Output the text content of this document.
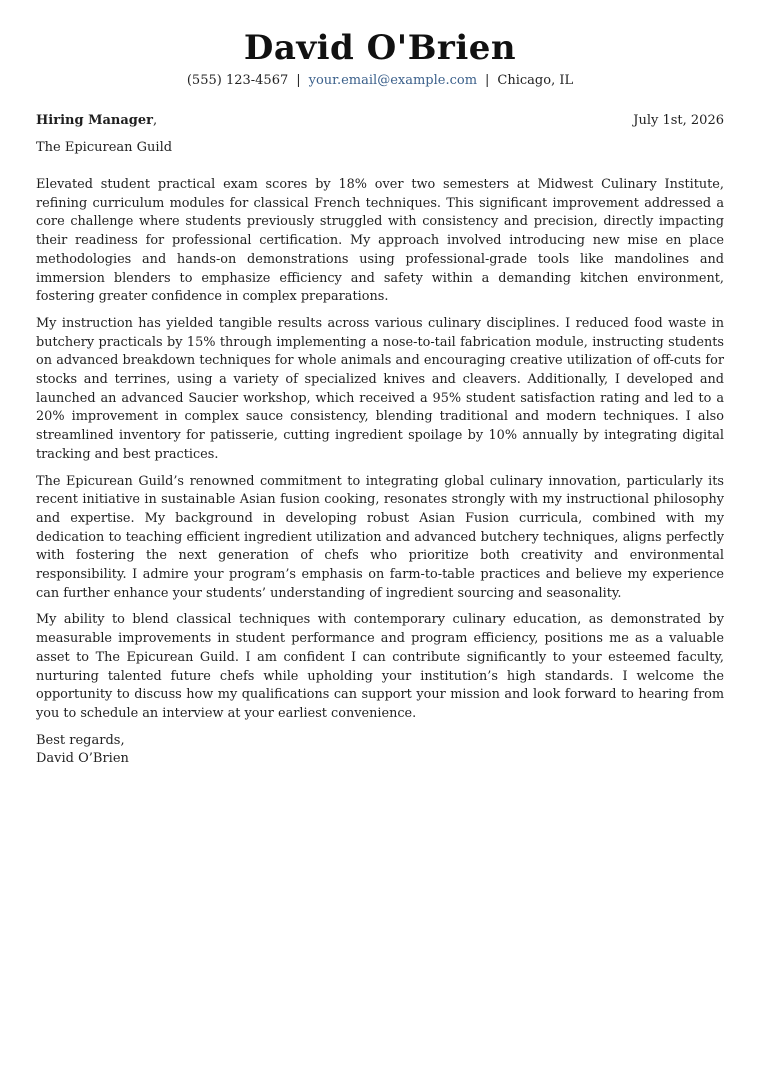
David O'Brien
(555) 123-4567 | your.email@example.com | Chicago, IL
Hiring Manager,	July 1st, 2026
The Epicurean Guild

Elevated student practical exam scores by 18% over two semesters at Midwest Culinary Institute, refining curriculum modules for classical French techniques. This significant improvement addressed a core challenge where students previously struggled with consistency and precision, directly impacting their readiness for professional certification. My approach involved introducing new mise en place methodologies and hands-on demonstrations using professional-grade tools like mandolines and immersion blenders to emphasize efficiency and safety within a demanding kitchen environment, fostering greater confidence in complex preparations.

My instruction has yielded tangible results across various culinary disciplines. I reduced food waste in butchery practicals by 15% through implementing a nose-to-tail fabrication module, instructing students on advanced breakdown techniques for whole animals and encouraging creative utilization of off-cuts for stocks and terrines, using a variety of specialized knives and cleavers. Additionally, I developed and launched an advanced Saucier workshop, which received a 95% student satisfaction rating and led to a 20% improvement in complex sauce consistency, blending traditional and modern techniques. I also streamlined inventory for patisserie, cutting ingredient spoilage by 10% annually by integrating digital tracking and best practices.

The Epicurean Guild’s renowned commitment to integrating global culinary innovation, particularly its recent initiative in sustainable Asian fusion cooking, resonates strongly with my instructional philosophy and expertise. My background in developing robust Asian Fusion curricula, combined with my dedication to teaching efficient ingredient utilization and advanced butchery techniques, aligns perfectly with fostering the next generation of chefs who prioritize both creativity and environmental responsibility. I admire your program’s emphasis on farm-to-table practices and believe my experience can further enhance your students’ understanding of ingredient sourcing and seasonality.

My ability to blend classical techniques with contemporary culinary education, as demonstrated by measurable improvements in student performance and program efficiency, positions me as a valuable asset to The Epicurean Guild. I am confident I can contribute significantly to your esteemed faculty, nurturing talented future chefs while upholding your institution’s high standards. I welcome the opportunity to discuss how my qualifications can support your mission and look forward to hearing from you to schedule an interview at your earliest convenience.

Best regards,
David O’Brien
